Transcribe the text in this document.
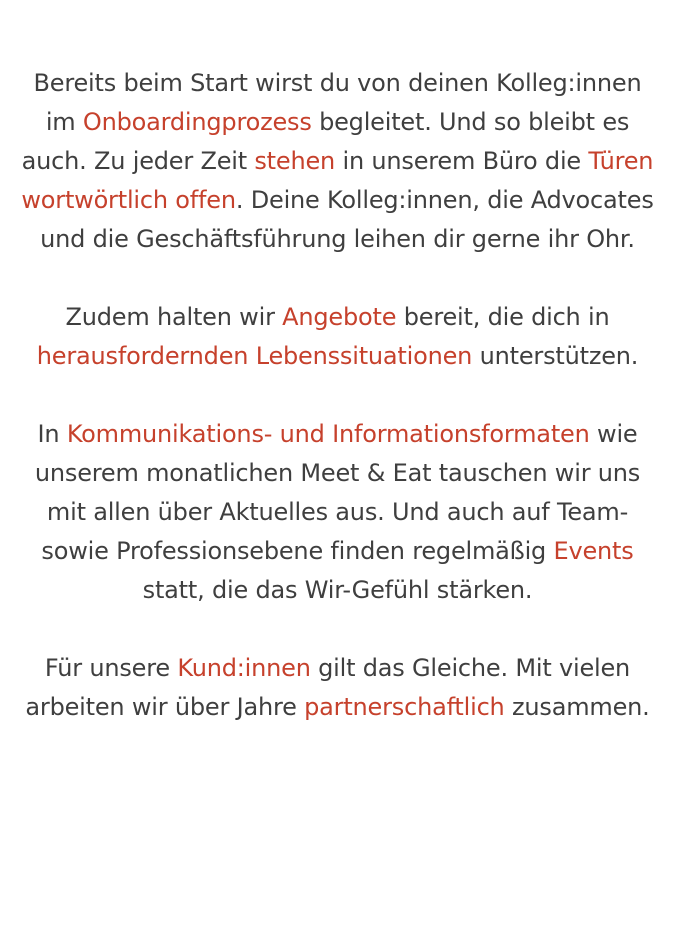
Bereits beim Start wirst du von deinen Kolleg:innen im Onboardingprozess begleitet. Und so bleibt es auch. Zu jeder Zeit stehen in unserem Büro die Türen wortwörtlich offen. Deine Kolleg:innen, die Advocates und die Geschäftsführung leihen dir gerne ihr Ohr.

Zudem halten wir Angebote bereit, die dich in herausfordernden Lebenssituationen unterstützen.

In Kommunikations- und Informationsformaten wie unserem monatlichen Meet & Eat tauschen wir uns mit allen über Aktuelles aus. Und auch auf Team- sowie Professionsebene finden regelmäßig Events statt, die das Wir-Gefühl stärken.

Für unsere Kund:innen gilt das Gleiche. Mit vielen arbeiten wir über Jahre partnerschaftlich zusammen.
